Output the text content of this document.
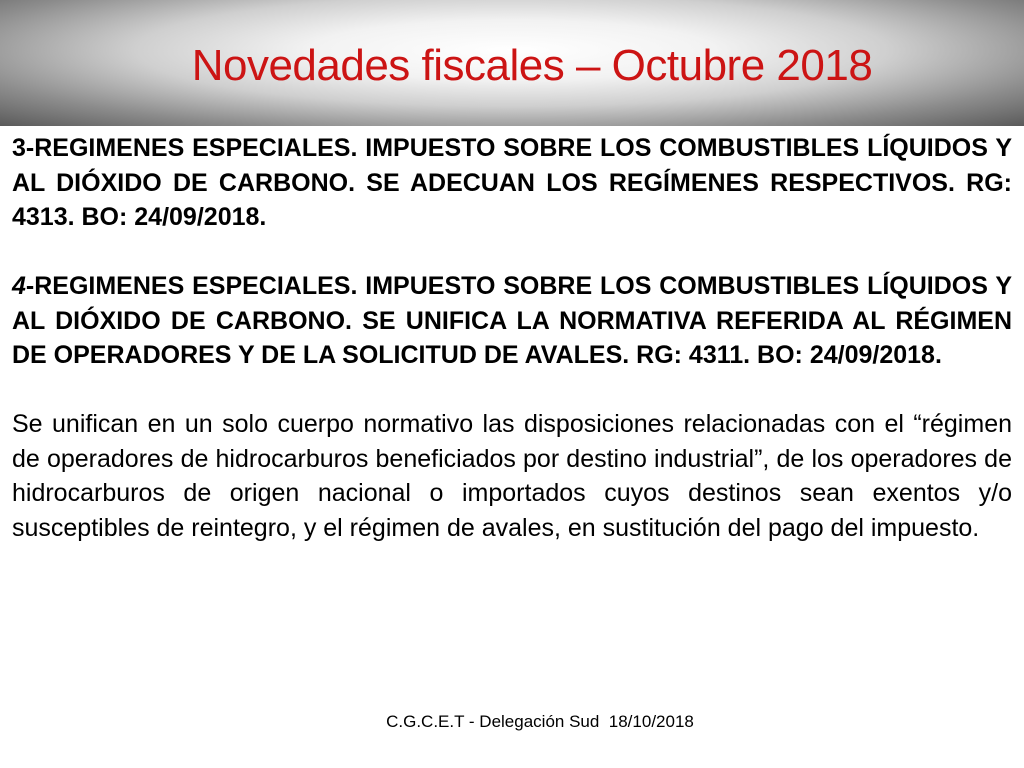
Novedades fiscales – Octubre 2018

3-REGIMENES ESPECIALES. IMPUESTO SOBRE LOS COMBUSTIBLES LÍQUIDOS Y AL DIÓXIDO DE CARBONO. SE ADECUAN LOS REGÍMENES RESPECTIVOS. RG: 4313. BO: 24/09/2018.

4-REGIMENES ESPECIALES. IMPUESTO SOBRE LOS COMBUSTIBLES LÍQUIDOS Y AL DIÓXIDO DE CARBONO. SE UNIFICA LA NORMATIVA REFERIDA AL RÉGIMEN DE OPERADORES Y DE LA SOLICITUD DE AVALES. RG: 4311. BO: 24/09/2018.

Se unifican en un solo cuerpo normativo las disposiciones relacionadas con el “régimen de operadores de hidrocarburos beneficiados por destino industrial”, de los operadores de hidrocarburos de origen nacional o importados cuyos destinos sean exentos y/o susceptibles de reintegro, y el régimen de avales, en sustitución del pago del impuesto.

C.G.C.E.T - Delegación Sud  18/10/2018
